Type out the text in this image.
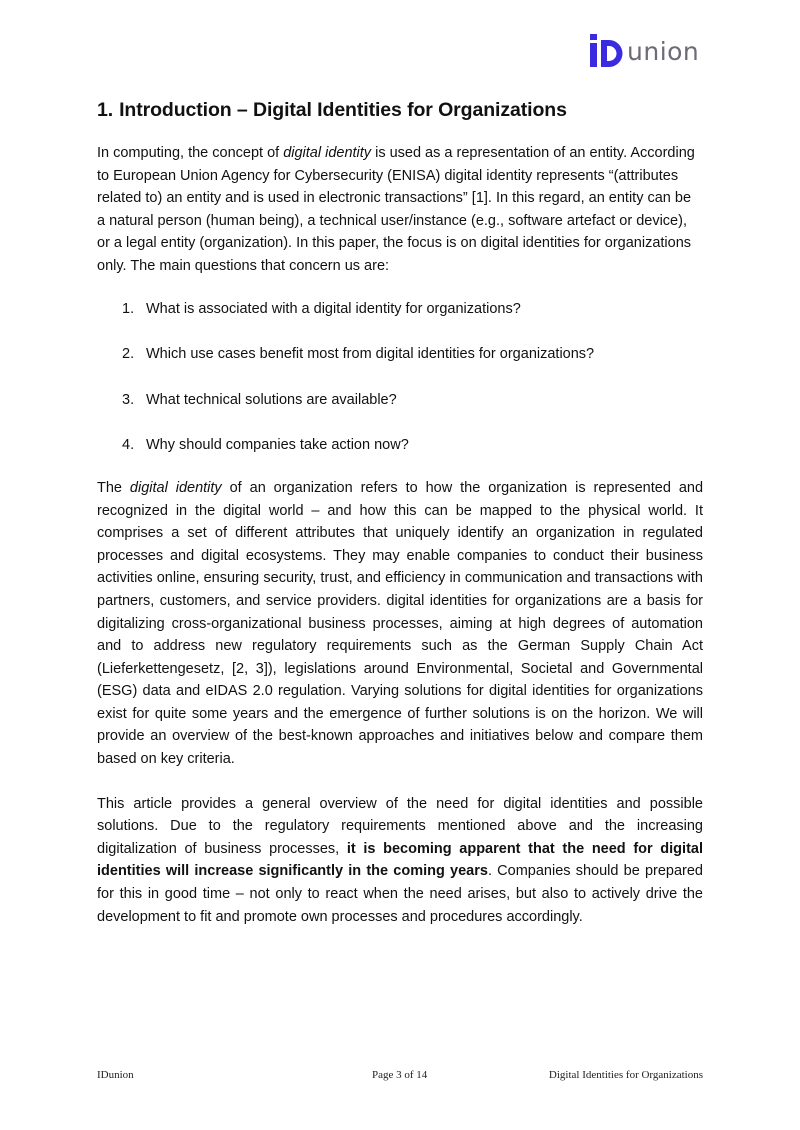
union
1. Introduction – Digital Identities for Organizations

In computing, the concept of digital identity is used as a representation of an entity. According to European Union Agency for Cybersecurity (ENISA) digital identity represents “(attributes related to) an entity and is used in electronic transactions” [1]. In this regard, an entity can be a natural person (human being), a technical user/instance (e.g., software artefact or device), or a legal entity (organization). In this paper, the focus is on digital identities for organizations only. The main questions that concern us are:

1. What is associated with a digital identity for organizations?
2. Which use cases benefit most from digital identities for organizations?
3. What technical solutions are available?
4. Why should companies take action now?

The digital identity of an organization refers to how the organization is represented and recognized in the digital world – and how this can be mapped to the physical world. It comprises a set of different attributes that uniquely identify an organization in regulated processes and digital ecosystems. They may enable companies to conduct their business activities online, ensuring security, trust, and efficiency in communication and transactions with partners, customers, and service providers. digital identities for organizations are a basis for digitalizing cross-organizational business processes, aiming at high degrees of automation and to address new regulatory requirements such as the German Supply Chain Act (Lieferkettengesetz, [2, 3]), legislations around Environmental, Societal and Governmental (ESG) data and eIDAS 2.0 regulation. Varying solutions for digital identities for organizations exist for quite some years and the emergence of further solutions is on the horizon. We will provide an overview of the best-known approaches and initiatives below and compare them based on key criteria.

This article provides a general overview of the need for digital identities and possible solutions. Due to the regulatory requirements mentioned above and the increasing digitalization of business processes, it is becoming apparent that the need for digital identities will increase significantly in the coming years. Companies should be prepared for this in good time – not only to react when the need arises, but also to actively drive the development to fit and promote own processes and procedures accordingly.

IDunion	Page 3 of 14	Digital Identities for Organizations
